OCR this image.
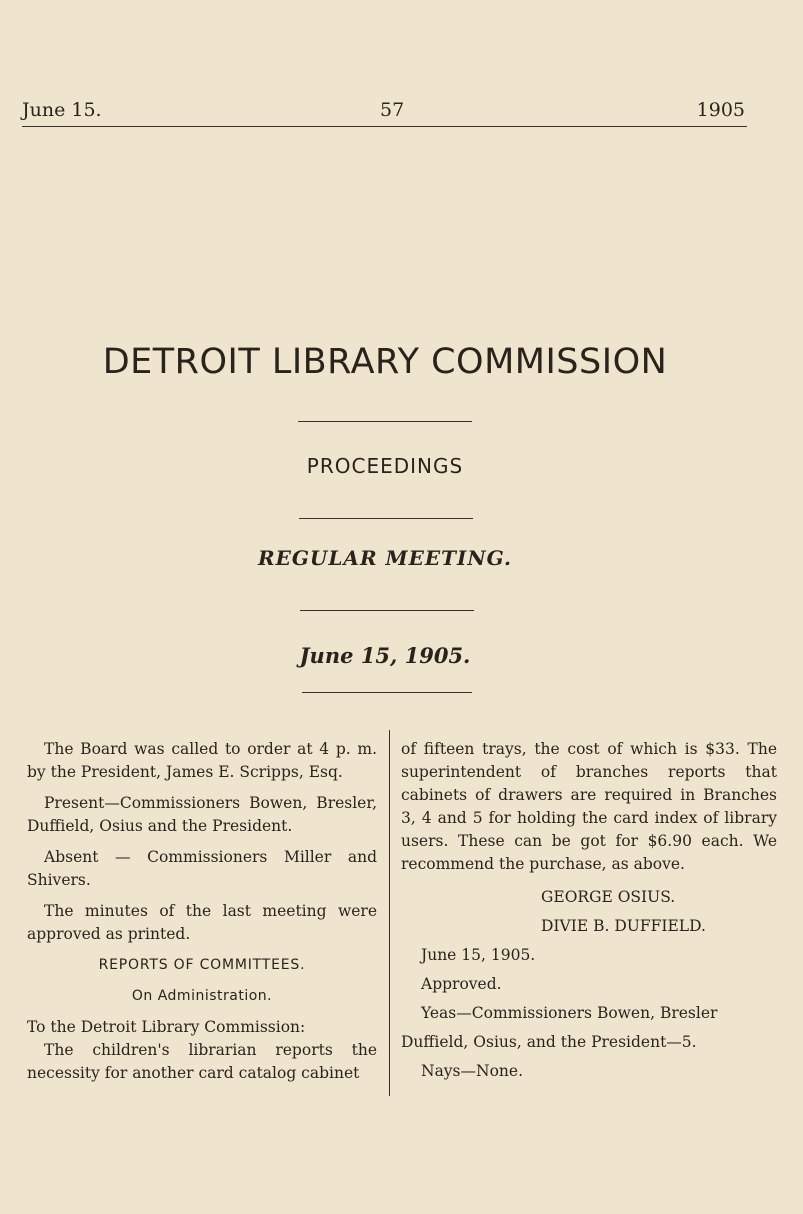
June 15.	57	1905
DETROIT LIBRARY COMMISSION
PROCEEDINGS
REGULAR MEETING.
June 15, 1905.

The Board was called to order at 4 p. m. by the President, James E. Scripps, Esq.

Present—Commissioners Bowen, Bresler, Duffield, Osius and the President.

Absent — Commissioners Miller and Shivers.

The minutes of the last meeting were approved as printed.

REPORTS OF COMMITTEES.

On Administration.

To the Detroit Library Commission:

The children's librarian reports the necessity for another card catalog cabinet

of fifteen trays, the cost of which is $33. The superintendent of branches reports that cabinets of drawers are required in Branches 3, 4 and 5 for holding the card index of library users. These can be got for $6.90 each. We recommend the purchase, as above.

GEORGE OSIUS.

DIVIE B. DUFFIELD.

June 15, 1905.

Approved.

Yeas—Commissioners Bowen, Bresler

Duffield, Osius, and the President—5.

Nays—None.
